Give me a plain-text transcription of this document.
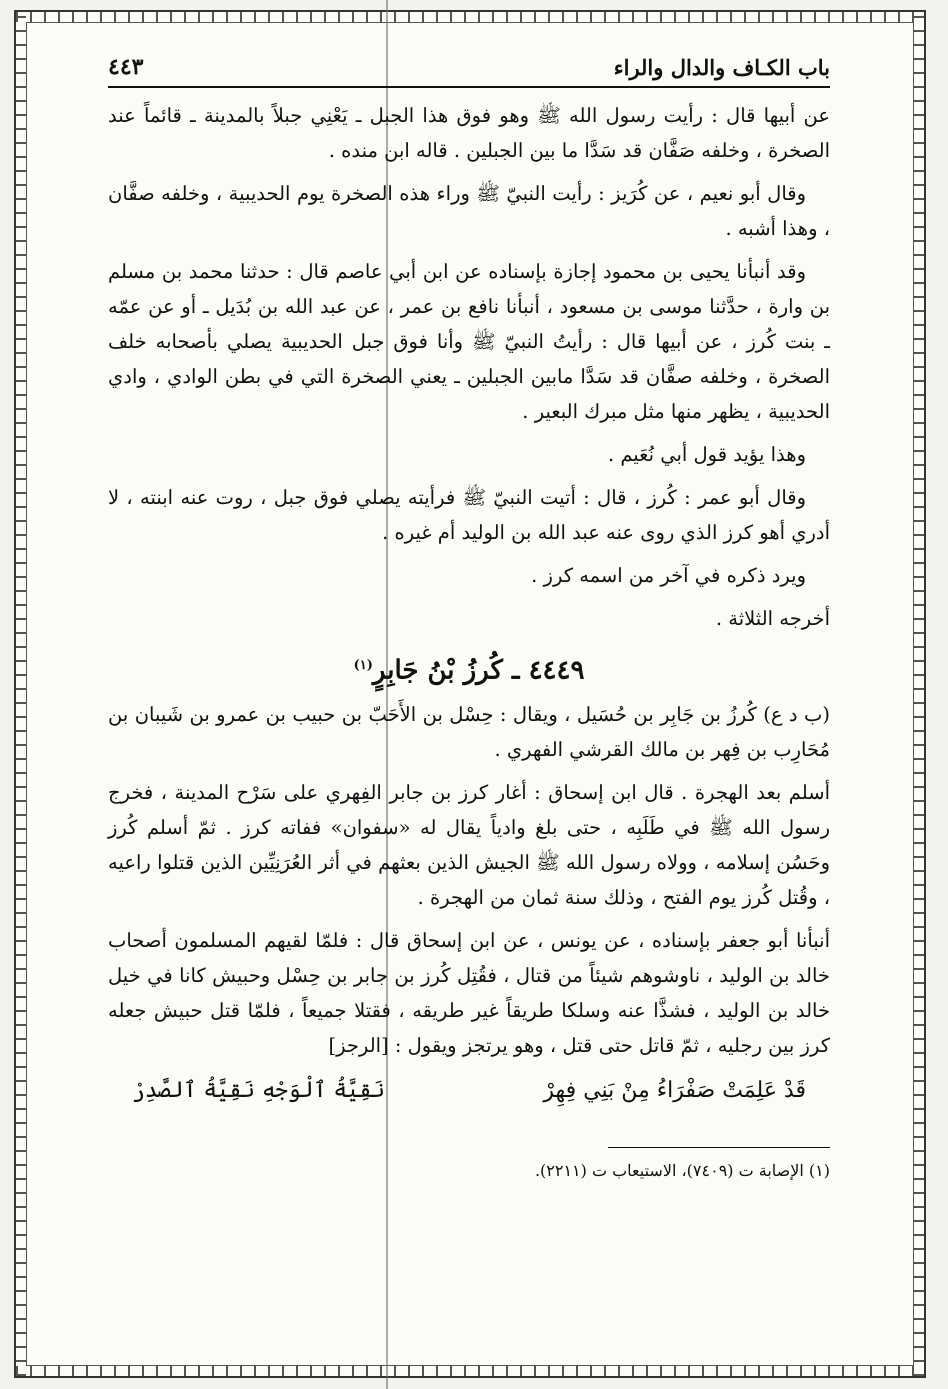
باب الكـاف والدال والراء
٤٤٣

عن أبيها قال : رأيت رسول الله ﷺ وهو فوق هذا الجبل ـ يَعْنِي جبلاً بالمدينة ـ قائماً عند الصخرة ، وخلفه صَفَّان قد سَدَّا ما بين الجبلين . قاله ابن منده .

وقال أبو نعيم ، عن كُرَيز : رأيت النبيّ ﷺ وراء هذه الصخرة يوم الحديبية ، وخلفه صفَّان ، وهذا أشبه .

وقد أنبأنا يحيى بن محمود إجازة بإسناده عن ابن أبي عاصم قال : حدثنا محمد بن مسلم بن وارة ، حدَّثنا موسى بن مسعود ، أنبأنا نافع بن عمر ، عن عبد الله بن بُدَيل ـ أو عن عمّه ـ بنت كُرز ، عن أبيها قال : رأيتُ النبيّ ﷺ وأنا فوق جبل الحديبية يصلي بأصحابه خلف الصخرة ، وخلفه صفَّان قد سَدَّا مابين الجبلين ـ يعني الصخرة التي في بطن الوادي ، وادي الحديبية ، يظهر منها مثل مبرك البعير .

وهذا يؤيد قول أبي نُعَيم .

وقال أبو عمر : كُرز ، قال : أتيت النبيّ ﷺ فرأيته يصلي فوق جبل ، روت عنه ابنته ، لا أدري أهو كرز الذي روى عنه عبد الله بن الوليد أم غيره .

ويرد ذكره في آخر من اسمه كرز .

أخرجه الثلاثة .

٤٤٤٩ ـ كُرزُ بْنُ جَابِرٍ$^{(١)}$

(ب د ع) كُرزُ بن جَابِر بن حُسَيل ، ويقال : حِسْل بن الأَحَبّ بن حبيب بن عمرو بن شَيبان بن مُحَارِب بن فِهر بن مالك القرشي الفهري .

أسلم بعد الهجرة . قال ابن إسحاق : أغار كرز بن جابر الفِهري على سَرْح المدينة ، فخرج رسول الله ﷺ في طَلَبِه ، حتى بلغ وادياً يقال له «سفوان» ففاته كرز . ثمّ أسلم كُرز وحَسُن إسلامه ، وولاه رسول الله ﷺ الجيش الذين بعثهم في أثر العُرَنِيِّين الذين قتلوا راعيه ، وقُتل كُرز يوم الفتح ، وذلك سنة ثمان من الهجرة .

أنبأنا أبو جعفر بإسناده ، عن يونس ، عن ابن إسحاق قال : فلمّا لقيهم المسلمون أصحاب خالد بن الوليد ، ناوشوهم شيئاً من قتال ، فقُتِل كُرز بن جابر بن حِسْل وحبيش كانا في خيل خالد بن الوليد ، فشذَّا عنه وسلكا طريقاً غير طريقه ، فقتلا جميعاً ، فلمّا قتل حبيش جعله كرز بين رجليه ، ثمّ قاتل حتى قتل ، وهو يرتجز ويقول : [الرجز]

قَدْ عَلِمَتْ صَفْرَاءُ مِنْ بَنِي فِهِرْ
نَقِيَّةُ ٱلْوَجْهِ نَقِيَّةُ ٱلصَّدِرْ
(١) الإصابة ت (٧٤٠٩)، الاستيعاب ت (٢٢١١).
